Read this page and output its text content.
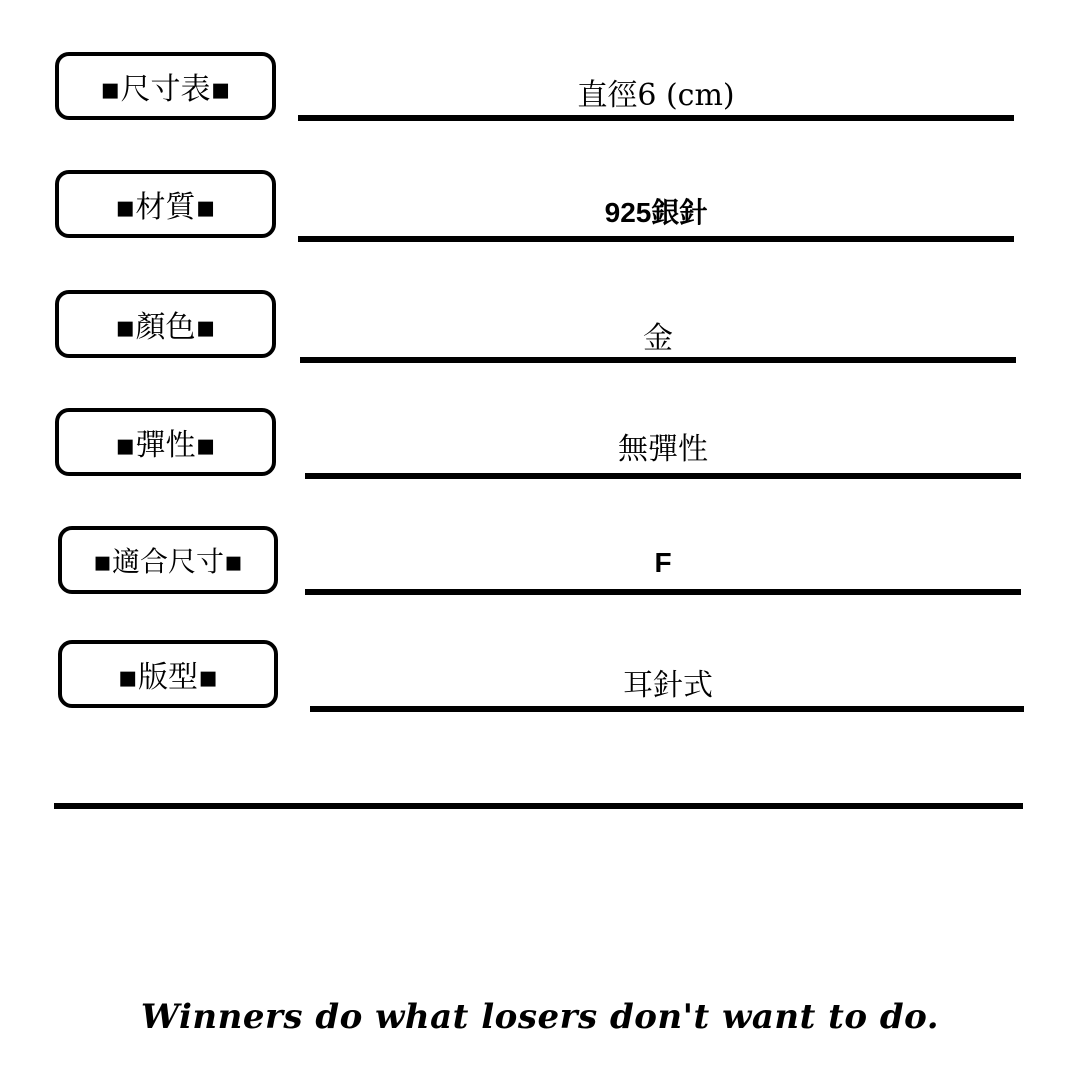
▪尺寸表▪	直徑6 (cm)
▪材質▪	925銀針
▪顏色▪	金
▪彈性▪	無彈性
▪適合尺寸▪	F
▪版型▪	耳針式
Winners do what losers don't want to do.
